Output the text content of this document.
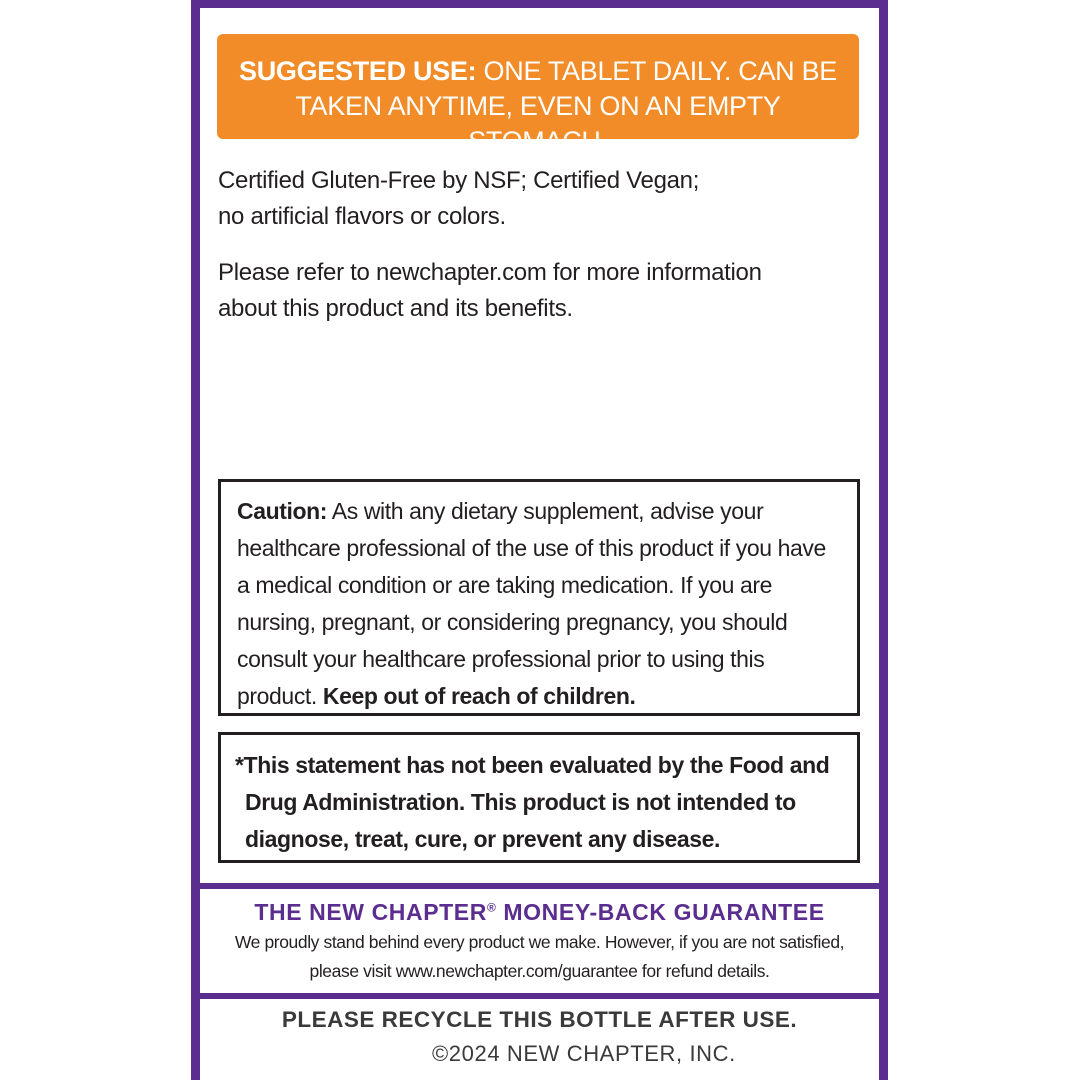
SUGGESTED USE: ONE TABLET DAILY. CAN BE TAKEN ANYTIME, EVEN ON AN EMPTY STOMACH.
Certified Gluten-Free by NSF; Certified Vegan;
no artificial flavors or colors.
Please refer to newchapter.com for more information
about this product and its benefits.
Caution: As with any dietary supplement, advise your healthcare professional of the use of this product if you have a medical condition or are taking medication. If you are nursing, pregnant, or considering pregnancy, you should consult your healthcare professional prior to using this product. Keep out of reach of children.
*This statement has not been evaluated by the Food and
Drug Administration. This product is not intended to
diagnose, treat, cure, or prevent any disease.
THE NEW CHAPTER® MONEY-BACK GUARANTEE
We proudly stand behind every product we make. However, if you are not satisfied,
please visit www.newchapter.com/guarantee for refund details.
PLEASE RECYCLE THIS BOTTLE AFTER USE.
©2024 NEW CHAPTER, INC.
